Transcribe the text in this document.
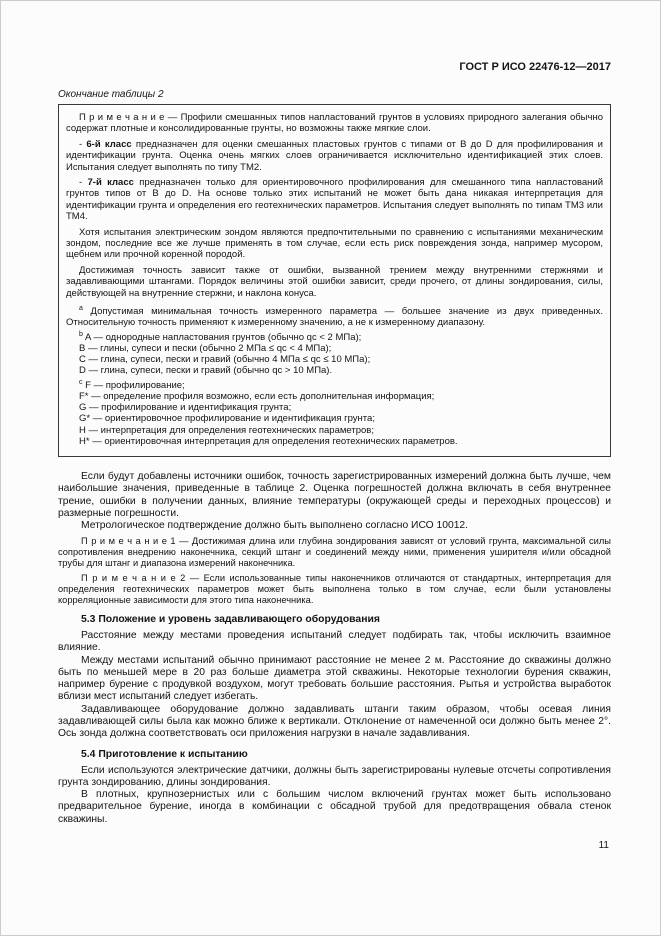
ГОСТ Р ИСО 22476-12—2017
Окончание таблицы 2

П р и м е ч а н и е — Профили смешанных типов напластований грунтов в условиях природного залегания обычно содержат плотные и консолидированные грунты, но возможны также мягкие слои.

- 6-й класс предназначен для оценки смешанных пластовых грунтов с типами от B до D для профилирования и идентификации грунта. Оценка очень мягких слоев ограничивается исключительно идентификацией этих слоев. Испытания следует выполнять по типу ТМ2.

- 7-й класс предназначен только для ориентировочного профилирования для смешанного типа напластований грунтов типов от B до D. На основе только этих испытаний не может быть дана никакая интерпретация для идентификации грунта и определения его геотехнических параметров. Испытания следует выполнять по типам ТМ3 или ТМ4.

Хотя испытания электрическим зондом являются предпочтительными по сравнению с испытаниями механическим зондом, последние все же лучше применять в том случае, если есть риск повреждения зонда, например мусором, щебнем или прочной коренной породой.

Достижимая точность зависит также от ошибки, вызванной трением между внутренними стержнями и задавливающими штангами. Порядок величины этой ошибки зависит, среди прочего, от длины зондирования, силы, действующей на внутренние стержни, и наклона конуса.

$^a$ Допустимая минимальная точность измеренного параметра — большее значение из двух приведенных. Относительную точность применяют к измеренному значению, а не к измеренному диапазону.

$^b$ A — однородные напластования грунтов (обычно qc < 2 МПа);

B — глины, супеси и пески (обычно 2 МПа ≤ qc < 4 МПа);

C — глина, супеси, пески и гравий (обычно 4 МПа ≤ qc ≤ 10 МПа);

D — глина, супеси, пески и гравий (обычно qc > 10 МПа).

$^c$ F — профилирование;

F* — определение профиля возможно, если есть дополнительная информация;

G — профилирование и идентификация грунта;

G* — ориентировочное профилирование и идентификация грунта;

H — интерпретация для определения геотехнических параметров;

H* — ориентировочная интерпретация для определения геотехнических параметров.

Если будут добавлены источники ошибок, точность зарегистрированных измерений должна быть лучше, чем наибольшие значения, приведенные в таблице 2. Оценка погрешностей должна включать в себя внутреннее трение, ошибки в получении данных, влияние температуры (окружающей среды и переходных процессов) и размерные погрешности.

Метрологическое подтверждение должно быть выполнено согласно ИСО 10012.

П р и м е ч а н и е 1 — Достижимая длина или глубина зондирования зависят от условий грунта, максимальной силы сопротивления внедрению наконечника, секций штанг и соединений между ними, применения уширителя и/или обсадной трубы для штанг и диапазона измерений наконечника.

П р и м е ч а н и е 2 — Если использованные типы наконечников отличаются от стандартных, интерпретация для определения геотехнических параметров может быть выполнена только в том случае, если были установлены корреляционные зависимости для этого типа наконечника.

5.3 Положение и уровень задавливающего оборудования

Расстояние между местами проведения испытаний следует подбирать так, чтобы исключить взаимное влияние.

Между местами испытаний обычно принимают расстояние не менее 2 м. Расстояние до скважины должно быть по меньшей мере в 20 раз больше диаметра этой скважины. Некоторые технологии бурения скважин, например бурение с продувкой воздухом, могут требовать большие расстояния. Рытья и устройства выработок вблизи мест испытаний следует избегать.

Задавливающее оборудование должно задавливать штанги таким образом, чтобы осевая линия задавливающей силы была как можно ближе к вертикали. Отклонение от намеченной оси должно быть менее 2°. Ось зонда должна соответствовать оси приложения нагрузки в начале задавливания.

5.4 Приготовление к испытанию

Если используются электрические датчики, должны быть зарегистрированы нулевые отсчеты сопротивления грунта зондированию, длины зондирования.

В плотных, крупнозернистых или с большим числом включений грунтах может быть использовано предварительное бурение, иногда в комбинации с обсадной трубой для предотвращения обвала стенок скважины.

11
